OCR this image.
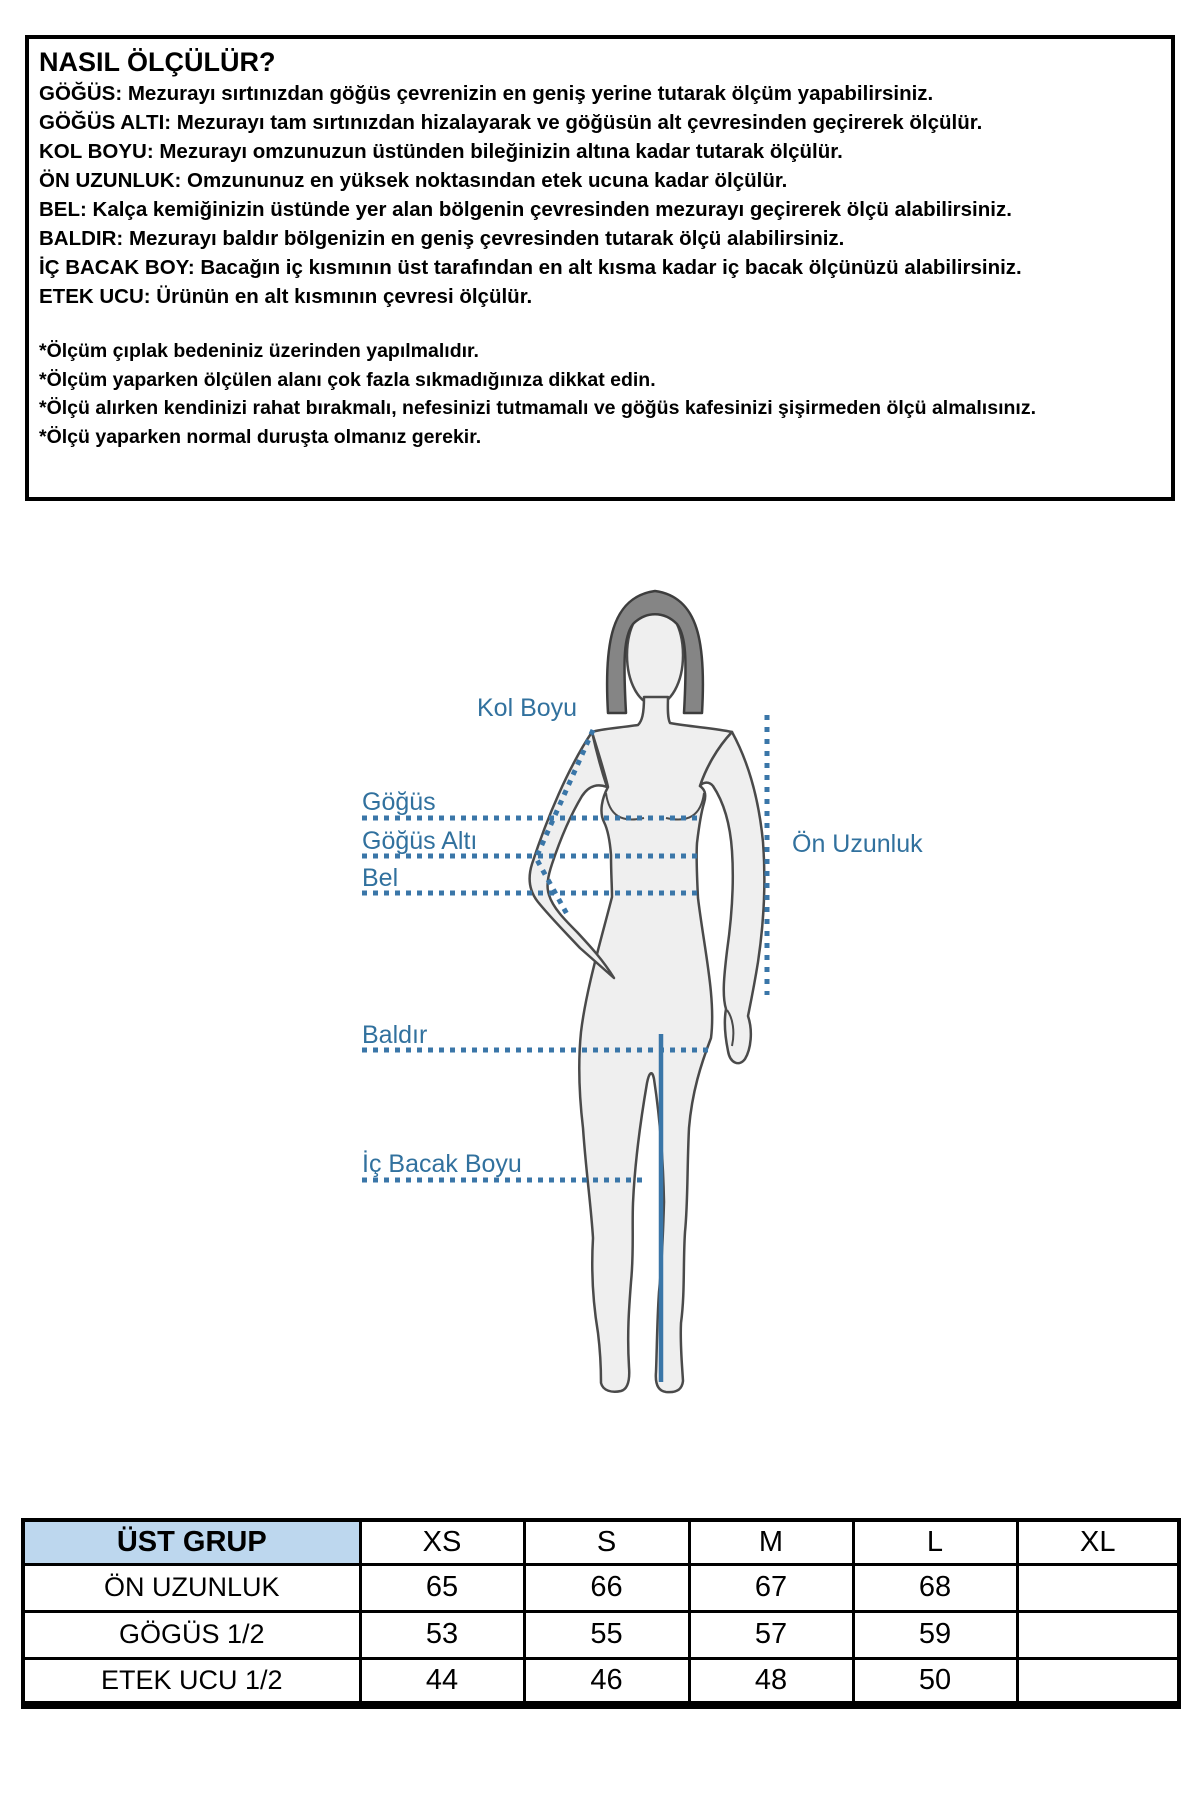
NASIL ÖLÇÜLÜR?
GÖĞÜS: Mezurayı sırtınızdan göğüs çevrenizin en geniş yerine tutarak ölçüm yapabilirsiniz.
GÖĞÜS ALTI: Mezurayı tam sırtınızdan hizalayarak ve göğüsün alt çevresinden geçirerek ölçülür.
KOL BOYU: Mezurayı omzunuzun üstünden bileğinizin altına kadar tutarak ölçülür.
ÖN UZUNLUK: Omzununuz en yüksek noktasından etek ucuna kadar ölçülür.
BEL: Kalça kemiğinizin üstünde yer alan bölgenin çevresinden mezurayı geçirerek ölçü alabilirsiniz.
BALDIR: Mezurayı baldır bölgenizin en geniş çevresinden tutarak ölçü alabilirsiniz.
İÇ BACAK BOY: Bacağın iç kısmının üst tarafından en alt kısma kadar iç bacak ölçünüzü alabilirsiniz.
ETEK UCU: Ürünün en alt kısmının çevresi ölçülür.
*Ölçüm çıplak bedeniniz üzerinden yapılmalıdır.
*Ölçüm yaparken ölçülen alanı çok fazla sıkmadığınıza dikkat edin.
*Ölçü alırken kendinizi rahat bırakmalı, nefesinizi tutmamalı ve göğüs kafesinizi şişirmeden ölçü almalısınız.
*Ölçü yaparken normal duruşta olmanız gerekir.
Kol Boyu
Göğüs
Göğüs Altı
Bel
Ön Uzunluk
Baldır
İç Bacak Boyu
ÜST GRUP	XS	S	M	L	XL
ÖN UZUNLUK	65	66	67	68	
GÖGÜS 1/2	53	55	57	59	
ETEK UCU 1/2	44	46	48	50	
